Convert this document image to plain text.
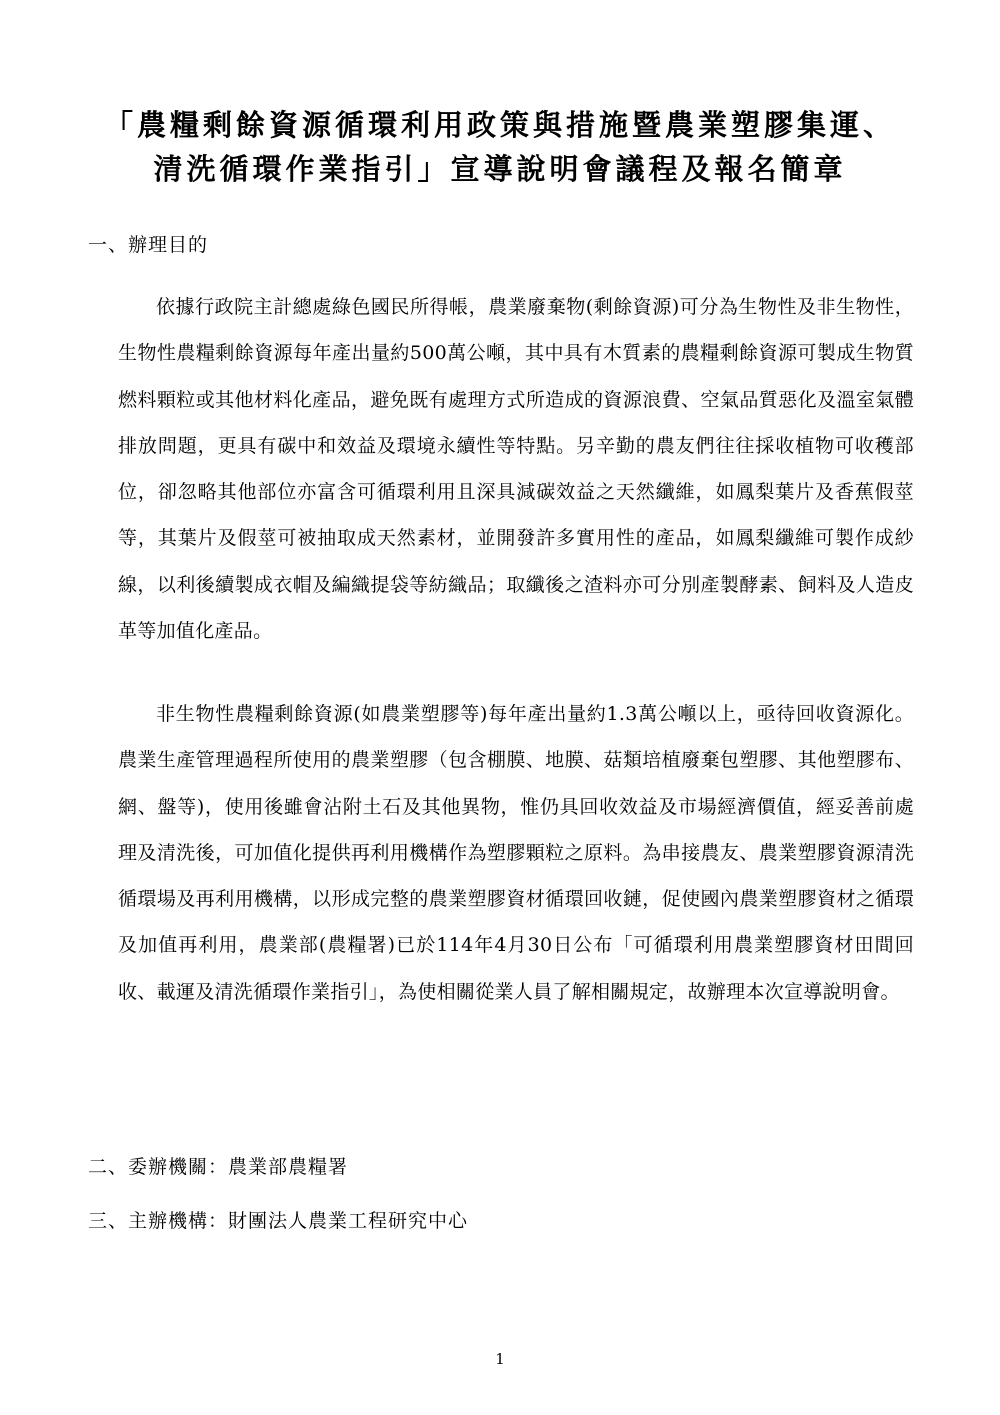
「農糧剩餘資源循環利用政策與措施暨農業塑膠集運、
清洗循環作業指引」宣導說明會議程及報名簡章
一、辦理目的

依據行政院主計總處綠色國民所得帳，農業廢棄物(剩餘資源)可分為生物性及非生物性，生物性農糧剩餘資源每年產出量約500萬公噸，其中具有木質素的農糧剩餘資源可製成生物質燃料顆粒或其他材料化產品，避免既有處理方式所造成的資源浪費、空氣品質惡化及溫室氣體排放問題，更具有碳中和效益及環境永續性等特點。另辛勤的農友們往往採收植物可收穫部位，卻忽略其他部位亦富含可循環利用且深具減碳效益之天然纖維，如鳳梨葉片及香蕉假莖等，其葉片及假莖可被抽取成天然素材，並開發許多實用性的產品，如鳳梨纖維可製作成紗線，以利後續製成衣帽及編織提袋等紡織品；取纖後之渣料亦可分別產製酵素、飼料及人造皮革等加值化產品。

非生物性農糧剩餘資源(如農業塑膠等)每年產出量約1.3萬公噸以上，亟待回收資源化。農業生產管理過程所使用的農業塑膠（包含棚膜、地膜、菇類培植廢棄包塑膠、其他塑膠布、網、盤等)，使用後雖會沾附土石及其他異物，惟仍具回收效益及市場經濟價值，經妥善前處理及清洗後，可加值化提供再利用機構作為塑膠顆粒之原料。為串接農友、農業塑膠資源清洗循環場及再利用機構，以形成完整的農業塑膠資材循環回收鏈，促使國內農業塑膠資材之循環及加值再利用，農業部(農糧署)已於114年4月30日公布「可循環利用農業塑膠資材田間回收、載運及清洗循環作業指引」，為使相關從業人員了解相關規定，故辦理本次宣導說明會。

二、委辦機關：農業部農糧署
三、主辦機構：財團法人農業工程研究中心
1
